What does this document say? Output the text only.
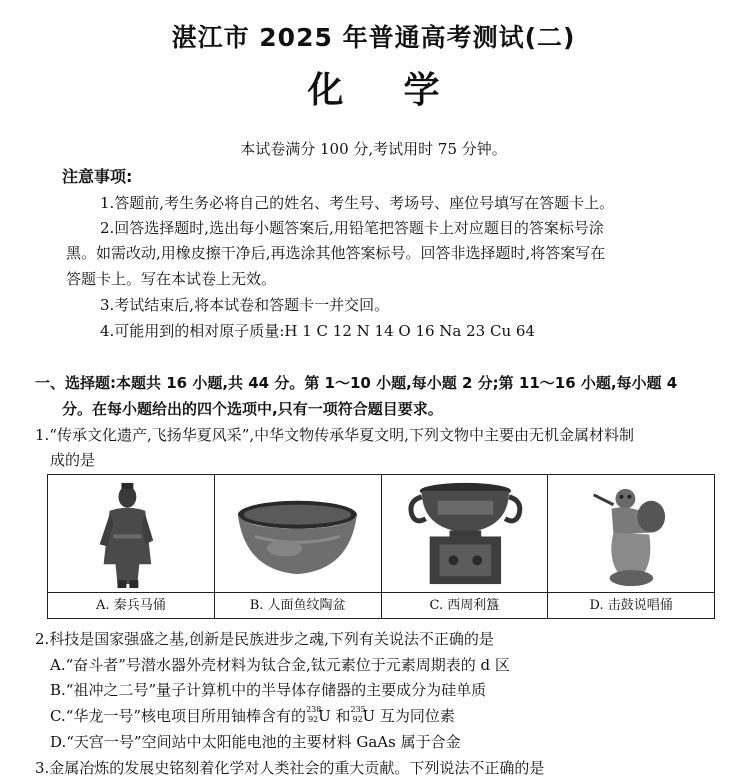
湛江市 2025 年普通高考测试(二)
化学
本试卷满分 100 分,考试用时 75 分钟。
注意事项:
1.答题前,考生务必将自己的姓名、考生号、考场号、座位号填写在答题卡上。
2.回答选择题时,选出每小题答案后,用铅笔把答题卡上对应题目的答案标号涂
黑。如需改动,用橡皮擦干净后,再选涂其他答案标号。回答非选择题时,将答案写在
答题卡上。写在本试卷上无效。
3.考试结束后,将本试卷和答题卡一并交回。
4.可能用到的相对原子质量:H 1 C 12 N 14 O 16 Na 23 Cu 64
一、选择题:本题共 16 小题,共 44 分。第 1～10 小题,每小题 2 分;第 11～16 小题,每小题 4
分。在每小题给出的四个选项中,只有一项符合题目要求。
1.“传承文化遗产,飞扬华夏风采”,中华文物传承华夏文明,下列文物中主要由无机金属材料制
成的是
A. 秦兵马俑	B. 人面鱼纹陶盆	C. 西周利簋	D. 击鼓说唱俑
2.科技是国家强盛之基,创新是民族进步之魂,下列有关说法不正确的是
A.“奋斗者”号潜水器外壳材料为钛合金,钛元素位于元素周期表的 d 区
B.“祖冲之二号”量子计算机中的半导体存储器的主要成分为硅单质
C.“华龙一号”核电项目所用铀棒含有的 238
92 U 和 235
92 U 互为同位素
D.“天宫一号”空间站中太阳能电池的主要材料 GaAs 属于合金
3.金属冶炼的发展史铭刻着化学对人类社会的重大贡献。下列说法不正确的是
